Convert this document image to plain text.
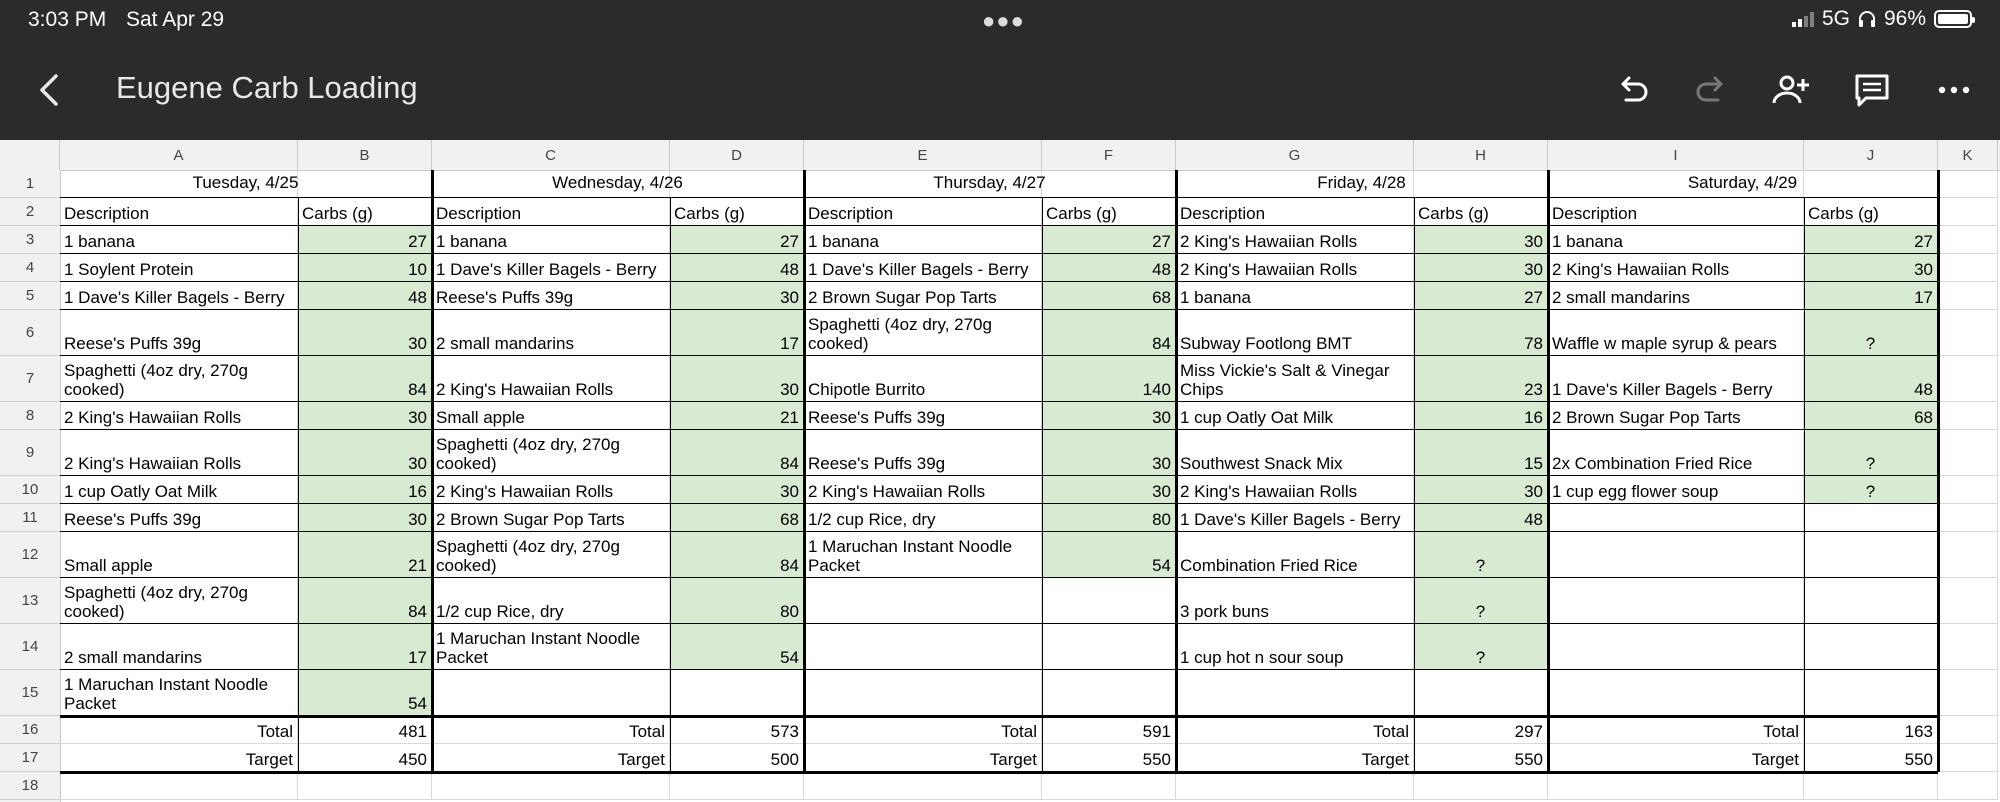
3:03 PM Sat Apr 29	●●●	5G 96%
Eugene Carb Loading
A	B	C	D	E	F	G	H	I	J	K
1
2
3
4
5
6
7
8
9
10
11
12
13
14
15
16
17
18
Tuesday, 4/25
Description	Carbs (g)
1 banana	27
1 Soylent Protein	10
1 Dave's Killer Bagels - Berry	48
Reese's Puffs 39g	30
Spaghetti (4oz dry, 270g cooked)	84
2 King's Hawaiian Rolls	30
2 King's Hawaiian Rolls	30
1 cup Oatly Oat Milk	16
Reese's Puffs 39g	30
Small apple	21
Spaghetti (4oz dry, 270g cooked)	84
2 small mandarins	17
1 Maruchan Instant Noodle Packet	54
Total	481
Target	450
Wednesday, 4/26
Description	Carbs (g)
1 banana	27
1 Dave's Killer Bagels - Berry	48
Reese's Puffs 39g	30
2 small mandarins	17
2 King's Hawaiian Rolls	30
Small apple	21
Spaghetti (4oz dry, 270g cooked)	84
2 King's Hawaiian Rolls	30
2 Brown Sugar Pop Tarts	68
Spaghetti (4oz dry, 270g cooked)	84
1/2 cup Rice, dry	80
1 Maruchan Instant Noodle Packet	54
Total	573
Target	500
Thursday, 4/27
Description	Carbs (g)
1 banana	27
1 Dave's Killer Bagels - Berry	48
2 Brown Sugar Pop Tarts	68
Spaghetti (4oz dry, 270g cooked)	84
Chipotle Burrito	140
Reese's Puffs 39g	30
Reese's Puffs 39g	30
2 King's Hawaiian Rolls	30
1/2 cup Rice, dry	80
1 Maruchan Instant Noodle Packet	54
Total	591
Target	550
Friday, 4/28
Description	Carbs (g)
2 King's Hawaiian Rolls	30
2 King's Hawaiian Rolls	30
1 banana	27
Subway Footlong BMT	78
Miss Vickie's Salt & Vinegar Chips	23
1 cup Oatly Oat Milk	16
Southwest Snack Mix	15
2 King's Hawaiian Rolls	30
1 Dave's Killer Bagels - Berry	48
Combination Fried Rice	?
3 pork buns	?
1 cup hot n sour soup	?
Total	297
Target	550
Saturday, 4/29
Description	Carbs (g)
1 banana	27
2 King's Hawaiian Rolls	30
2 small mandarins	17
Waffle w maple syrup & pears	?
1 Dave's Killer Bagels - Berry	48
2 Brown Sugar Pop Tarts	68
2x Combination Fried Rice	?
1 cup egg flower soup	?
Total	163
Target	550
